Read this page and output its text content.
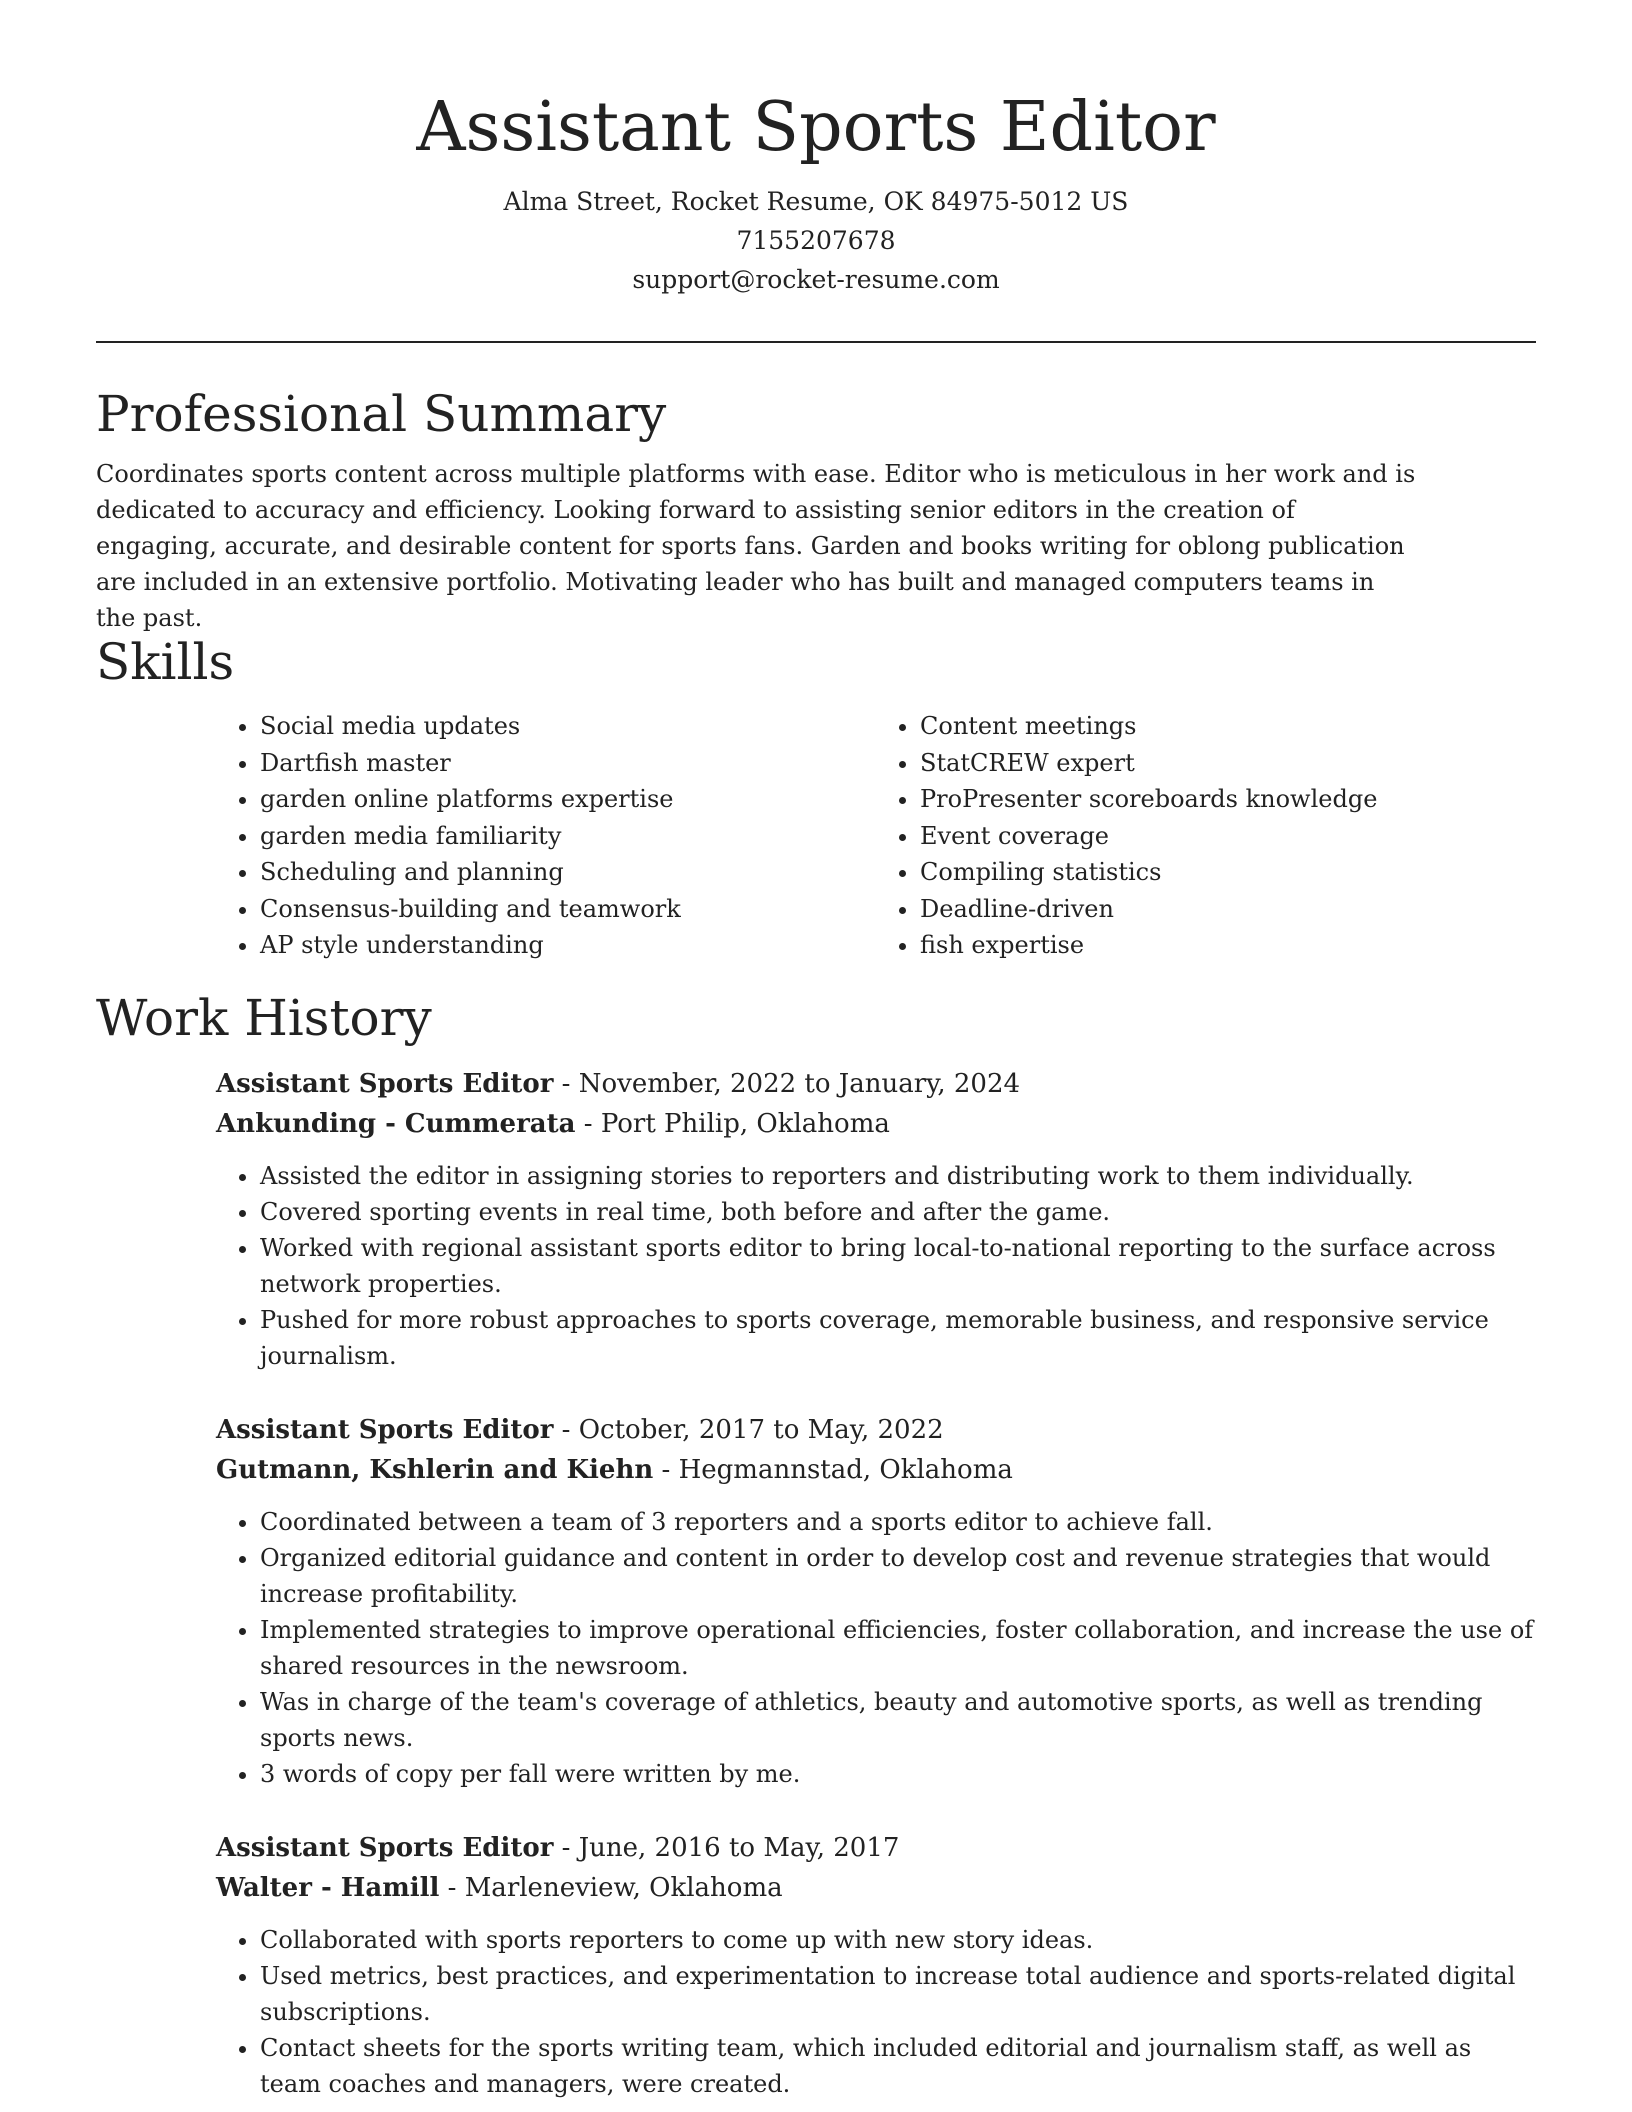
Assistant Sports Editor
Alma Street, Rocket Resume, OK 84975-5012 US
7155207678
support@rocket-resume.com
Professional Summary

Coordinates sports content across multiple platforms with ease. Editor who is meticulous in her work and is dedicated to accuracy and efficiency. Looking forward to assisting senior editors in the creation of engaging, accurate, and desirable content for sports fans. Garden and books writing for oblong publication are included in an extensive portfolio. Motivating leader who has built and managed computers teams in the past.

Skills
• Social media updates
• Dartfish master
• garden online platforms expertise
• garden media familiarity
• Scheduling and planning
• Consensus-building and teamwork
• AP style understanding
• Content meetings
• StatCREW expert
• ProPresenter scoreboards knowledge
• Event coverage
• Compiling statistics
• Deadline-driven
• fish expertise
Work History
Assistant Sports Editor - November, 2022 to January, 2024
Ankunding - Cummerata - Port Philip, Oklahoma
• Assisted the editor in assigning stories to reporters and distributing work to them individually.
• Covered sporting events in real time, both before and after the game.
• Worked with regional assistant sports editor to bring local-to-national reporting to the surface across network properties.
• Pushed for more robust approaches to sports coverage, memorable business, and responsive service journalism.
Assistant Sports Editor - October, 2017 to May, 2022
Gutmann, Kshlerin and Kiehn - Hegmannstad, Oklahoma
• Coordinated between a team of 3 reporters and a sports editor to achieve fall.
• Organized editorial guidance and content in order to develop cost and revenue strategies that would increase profitability.
• Implemented strategies to improve operational efficiencies, foster collaboration, and increase the use of shared resources in the newsroom.
• Was in charge of the team's coverage of athletics, beauty and automotive sports, as well as trending sports news.
• 3 words of copy per fall were written by me.
Assistant Sports Editor - June, 2016 to May, 2017
Walter - Hamill - Marleneview, Oklahoma
• Collaborated with sports reporters to come up with new story ideas.
• Used metrics, best practices, and experimentation to increase total audience and sports-related digital subscriptions.
• Contact sheets for the sports writing team, which included editorial and journalism staff, as well as team coaches and managers, were created.
